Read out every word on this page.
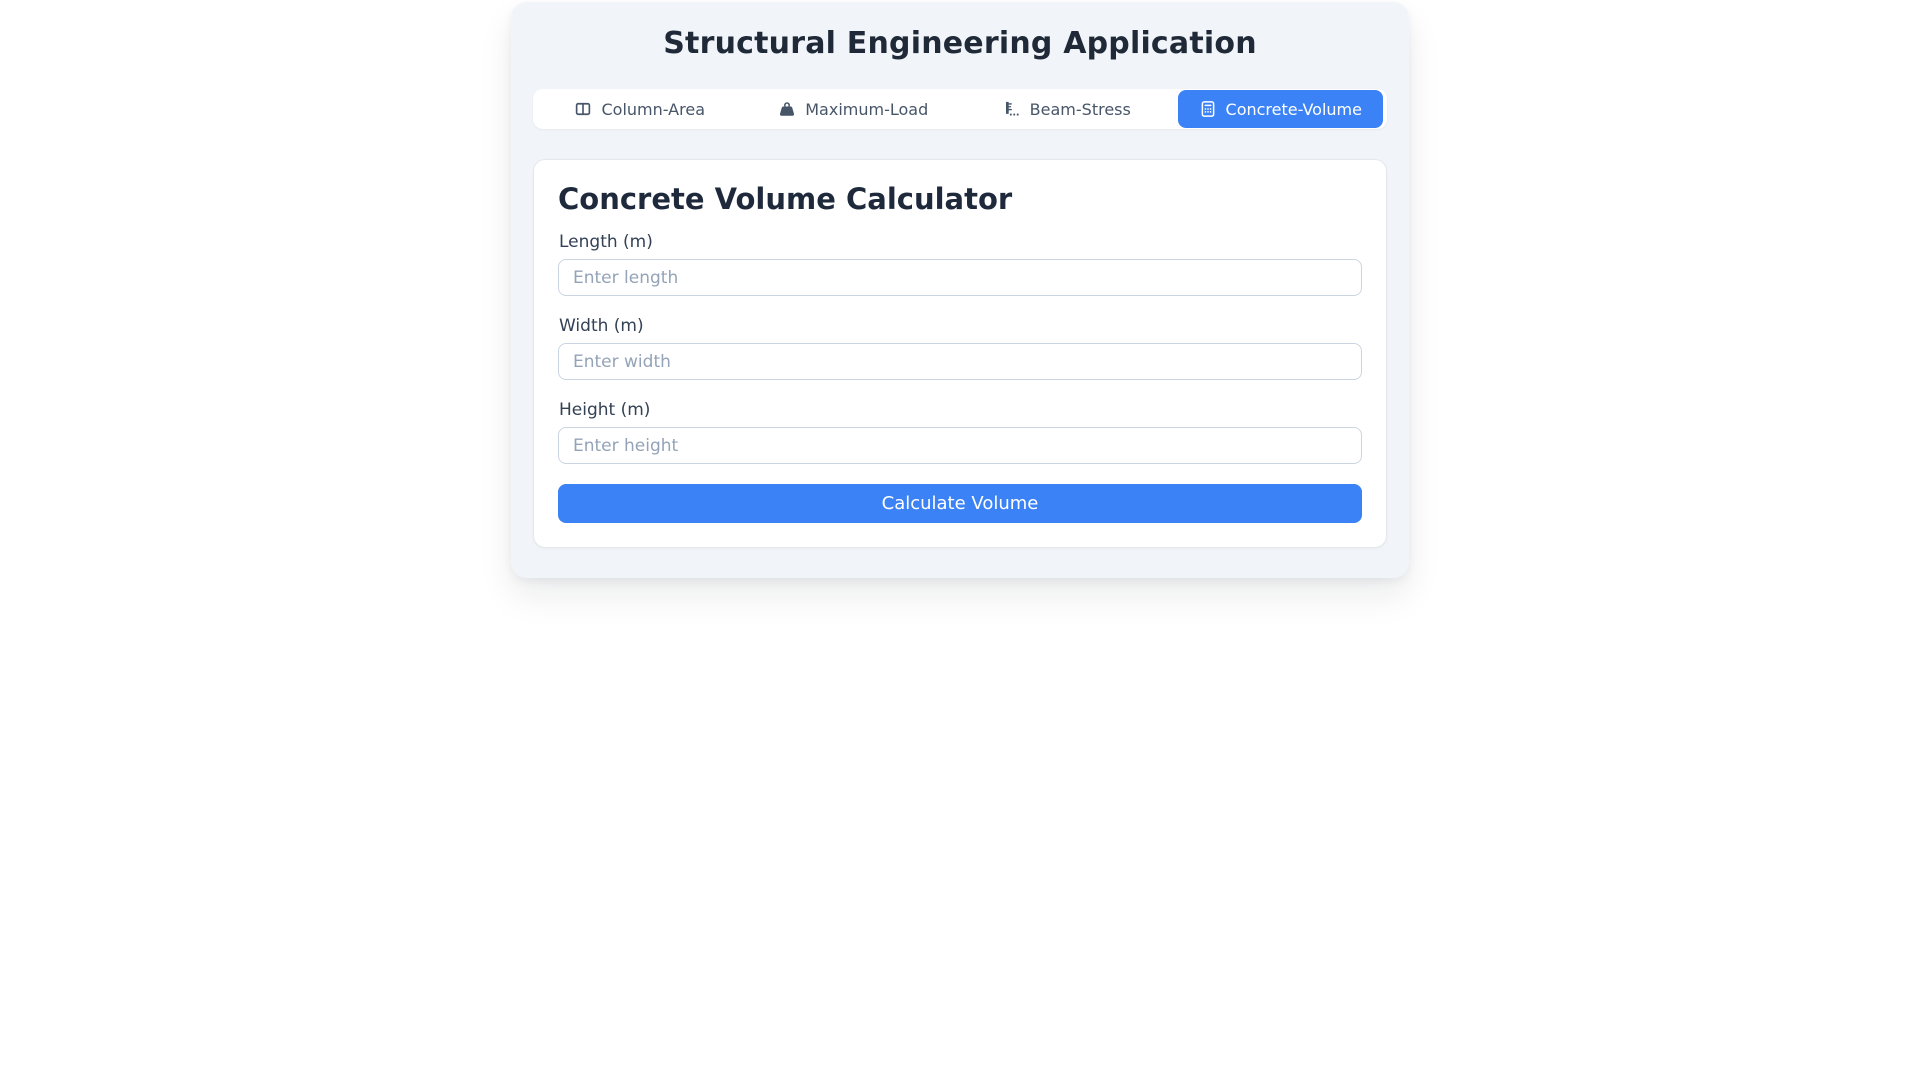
Structural Engineering Application
Column-Area	Maximum-Load	Beam-Stress	Concrete-Volume
Concrete Volume Calculator
Length (m)
Enter length
Width (m)
Enter width
Height (m)
Enter height
Calculate Volume
